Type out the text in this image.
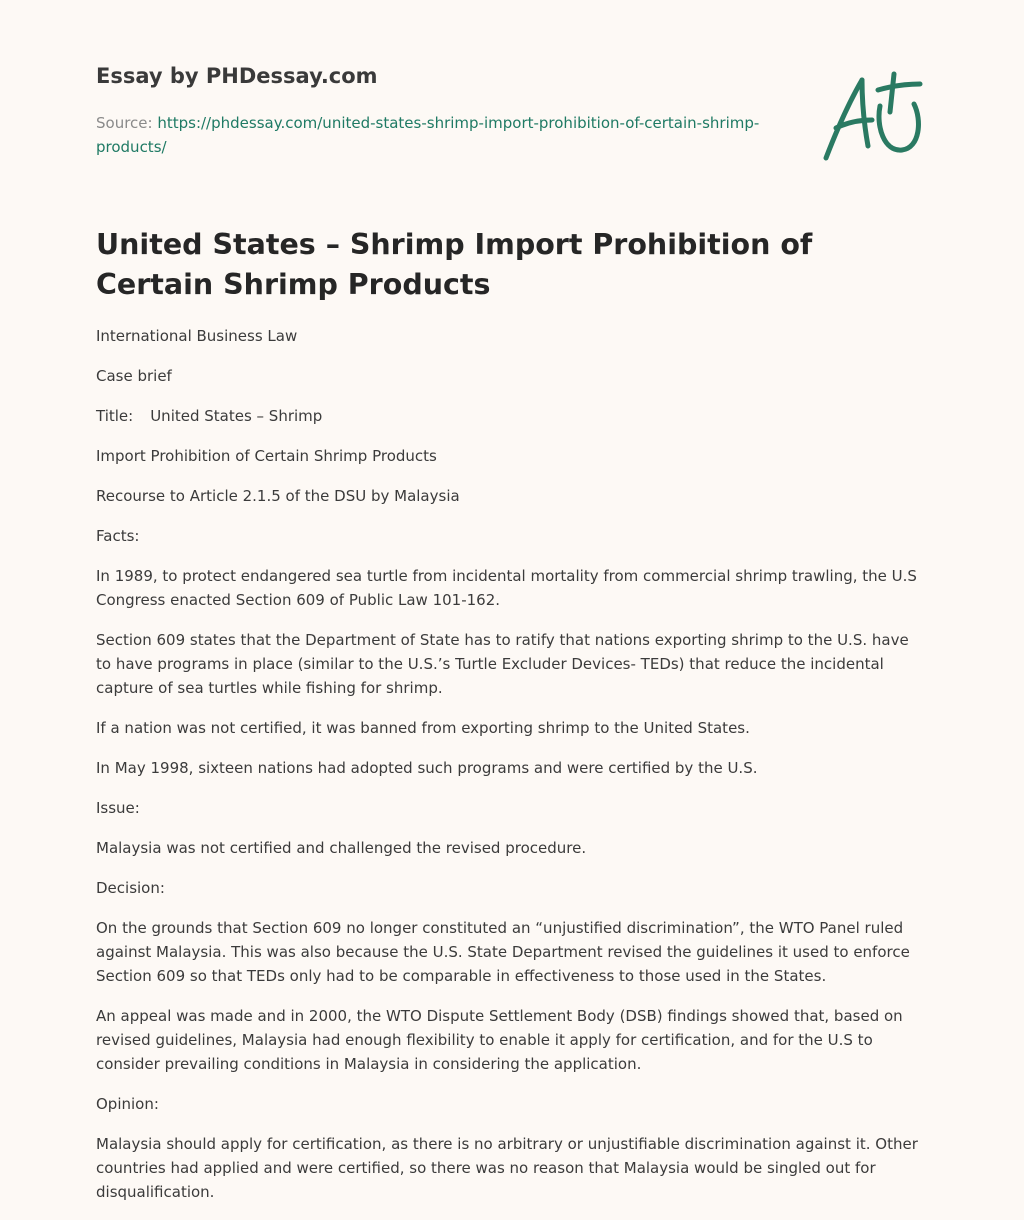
Essay by PHDessay.com
Source: https://phdessay.com/united-states-shrimp-import-prohibition-of-certain-shrimp-products/
United States – Shrimp Import Prohibition of Certain Shrimp Products

International Business Law

Case brief

Title: United States – Shrimp

Import Prohibition of Certain Shrimp Products

Recourse to Article 2.1.5 of the DSU by Malaysia

Facts:

In 1989, to protect endangered sea turtle from incidental mortality from commercial shrimp trawling, the U.S Congress enacted Section 609 of Public Law 101-162.

Section 609 states that the Department of State has to ratify that nations exporting shrimp to the U.S. have to have programs in place (similar to the U.S.’s Turtle Excluder Devices- TEDs) that reduce the incidental capture of sea turtles while fishing for shrimp.

If a nation was not certified, it was banned from exporting shrimp to the United States.

In May 1998, sixteen nations had adopted such programs and were certified by the U.S.

Issue:

Malaysia was not certified and challenged the revised procedure.

Decision:

On the grounds that Section 609 no longer constituted an “unjustified discrimination”, the WTO Panel ruled against Malaysia. This was also because the U.S. State Department revised the guidelines it used to enforce Section 609 so that TEDs only had to be comparable in effectiveness to those used in the States.

An appeal was made and in 2000, the WTO Dispute Settlement Body (DSB) findings showed that, based on revised guidelines, Malaysia had enough flexibility to enable it apply for certification, and for the U.S to consider prevailing conditions in Malaysia in considering the application.

Opinion:

Malaysia should apply for certification, as there is no arbitrary or unjustifiable discrimination against it. Other countries had applied and were certified, so there was no reason that Malaysia would be singled out for disqualification.
